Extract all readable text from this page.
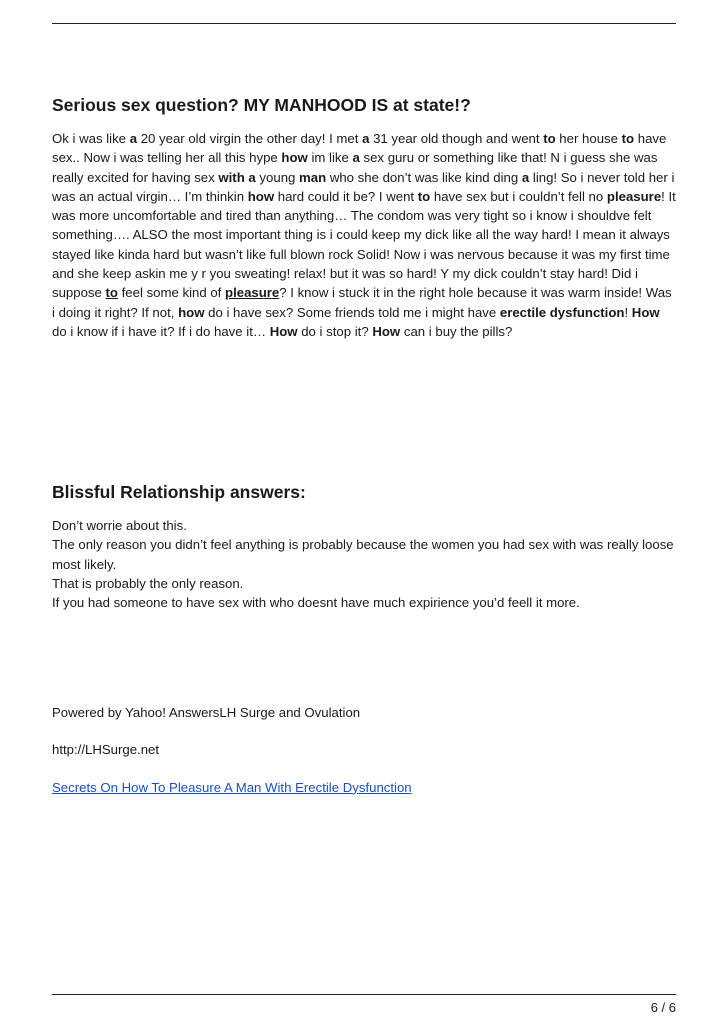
Serious sex question? MY MANHOOD IS at state!?

Ok i was like a 20 year old virgin the other day! I met a 31 year old though and went to her house to have sex.. Now i was telling her all this hype how im like a sex guru or something like that! N i guess she was really excited for having sex with a young man who she don’t was like kind ding a ling! So i never told her i was an actual virgin… I’m thinkin how hard could it be? I went to have sex but i couldn’t fell no pleasure! It was more uncomfortable and tired than anything… The condom was very tight so i know i shouldve felt something…. ALSO the most important thing is i could keep my dick like all the way hard! I mean it always stayed like kinda hard but wasn’t like full blown rock Solid! Now i was nervous because it was my first time and she keep askin me y r you sweating! relax! but it was so hard! Y my dick couldn’t stay hard! Did i suppose to feel some kind of pleasure? I know i stuck it in the right hole because it was warm inside! Was i doing it right? If not, how do i have sex? Some friends told me i might have erectile dysfunction! How do i know if i have it? If i do have it… How do i stop it? How can i buy the pills?

Blissful Relationship answers:

Don’t worrie about this.

The only reason you didn’t feel anything is probably because the women you had sex with was really loose most likely.

That is probably the only reason.

If you had someone to have sex with who doesnt have much expirience you’d feell it more.

Powered by Yahoo! AnswersLH Surge and Ovulation

http://LHSurge.net

Secrets On How To Pleasure A Man With Erectile Dysfunction
6 / 6
